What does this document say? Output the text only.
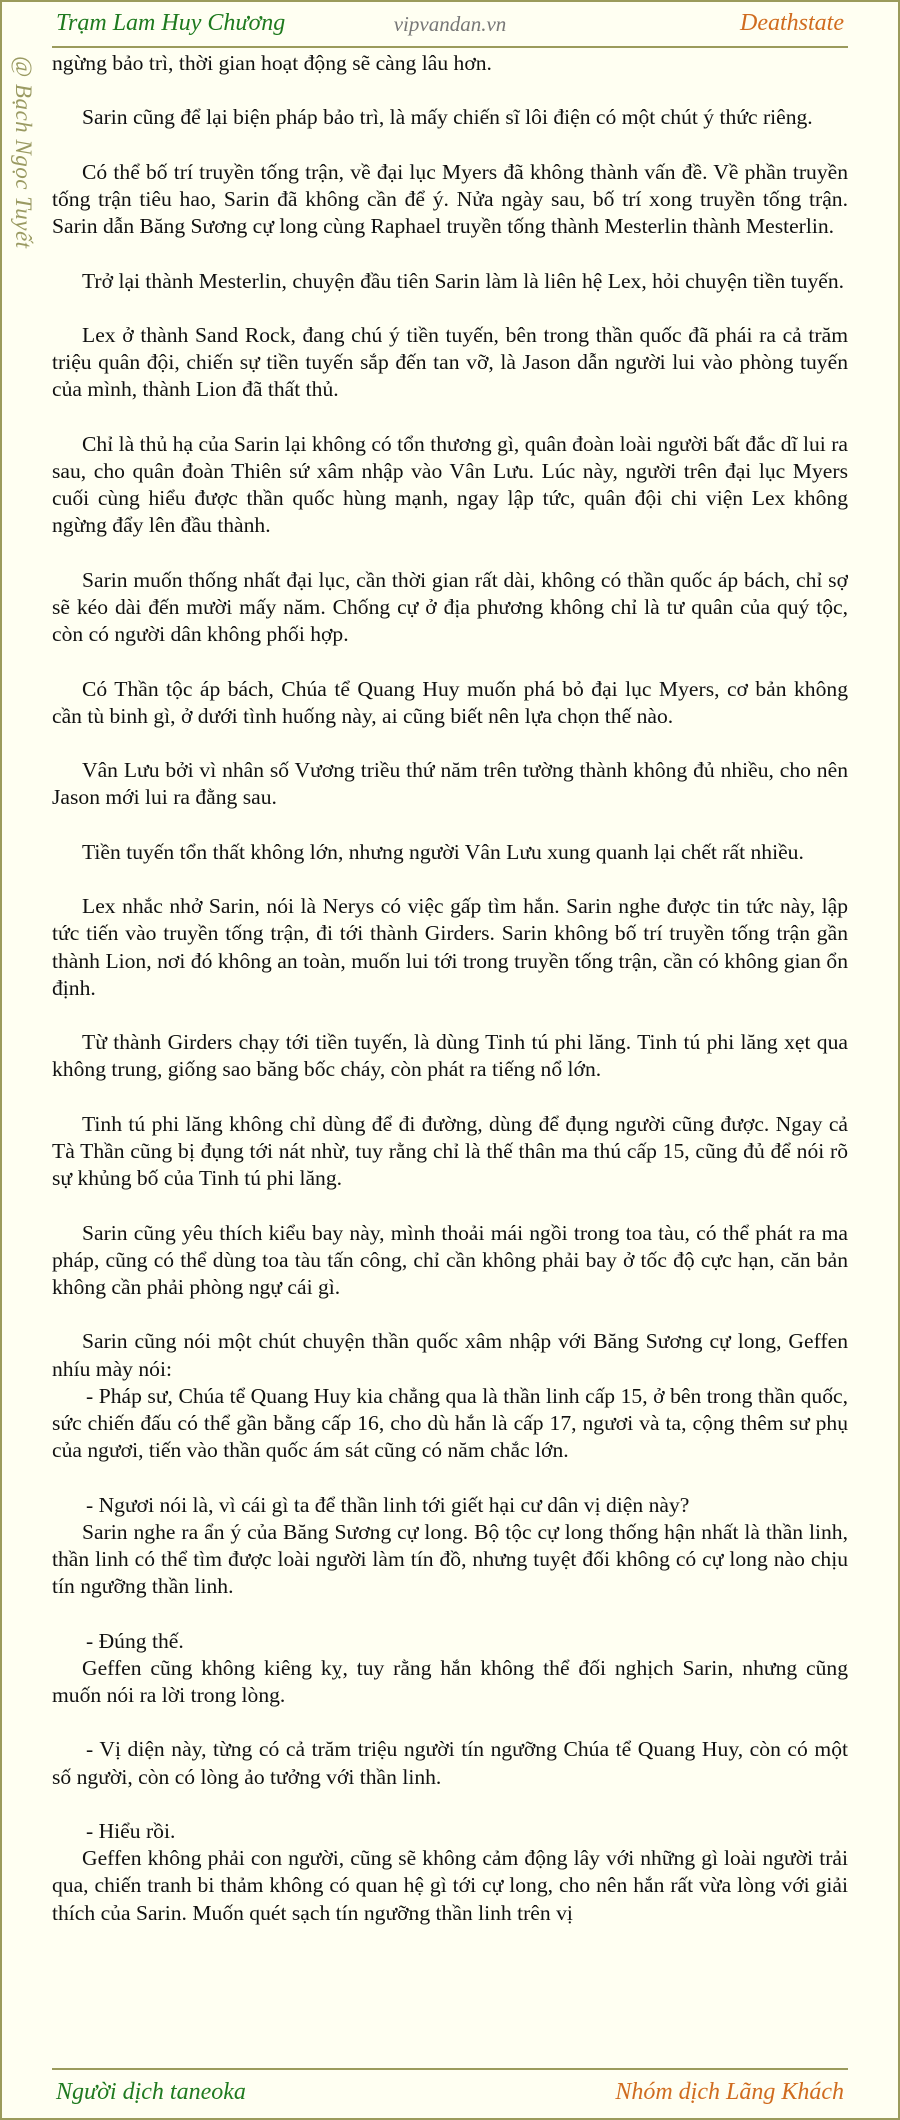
Trạm Lam Huy Chương	vipvandan.vn	Deathstate
@ Bạch Ngọc Tuyết ngừng bảo trì, thời gian hoạt động sẽ càng lâu hơn.

Sarin cũng để lại biện pháp bảo trì, là mấy chiến sĩ lôi điện có một chút ý thức riêng.

Có thể bố trí truyền tống trận, về đại lục Myers đã không thành vấn đề. Về phần truyền tống trận tiêu hao, Sarin đã không cần để ý. Nửa ngày sau, bố trí xong truyền tống trận. Sarin dẫn Băng Sương cự long cùng Raphael truyền tống thành Mesterlin thành Mesterlin.

Trở lại thành Mesterlin, chuyện đầu tiên Sarin làm là liên hệ Lex, hỏi chuyện tiền tuyến.

Lex ở thành Sand Rock, đang chú ý tiền tuyến, bên trong thần quốc đã phái ra cả trăm triệu quân đội, chiến sự tiền tuyến sắp đến tan vỡ, là Jason dẫn người lui vào phòng tuyến của mình, thành Lion đã thất thủ.

Chỉ là thủ hạ của Sarin lại không có tổn thương gì, quân đoàn loài người bất đắc dĩ lui ra sau, cho quân đoàn Thiên sứ xâm nhập vào Vân Lưu. Lúc này, người trên đại lục Myers cuối cùng hiểu được thần quốc hùng mạnh, ngay lập tức, quân đội chi viện Lex không ngừng đẩy lên đầu thành.

Sarin muốn thống nhất đại lục, cần thời gian rất dài, không có thần quốc áp bách, chỉ sợ sẽ kéo dài đến mười mấy năm. Chống cự ở địa phương không chỉ là tư quân của quý tộc, còn có người dân không phối hợp.

Có Thần tộc áp bách, Chúa tể Quang Huy muốn phá bỏ đại lục Myers, cơ bản không cần tù binh gì, ở dưới tình huống này, ai cũng biết nên lựa chọn thế nào.

Vân Lưu bởi vì nhân số Vương triều thứ năm trên tường thành không đủ nhiều, cho nên Jason mới lui ra đằng sau.

Tiền tuyến tổn thất không lớn, nhưng người Vân Lưu xung quanh lại chết rất nhiều.

Lex nhắc nhở Sarin, nói là Nerys có việc gấp tìm hắn. Sarin nghe được tin tức này, lập tức tiến vào truyền tống trận, đi tới thành Girders. Sarin không bố trí truyền tống trận gần thành Lion, nơi đó không an toàn, muốn lui tới trong truyền tống trận, cần có không gian ổn định.

Từ thành Girders chạy tới tiền tuyến, là dùng Tinh tú phi lăng. Tinh tú phi lăng xẹt qua không trung, giống sao băng bốc cháy, còn phát ra tiếng nổ lớn.

Tinh tú phi lăng không chỉ dùng để đi đường, dùng để đụng người cũng được. Ngay cả Tà Thần cũng bị đụng tới nát nhừ, tuy rằng chỉ là thế thân ma thú cấp 15, cũng đủ để nói rõ sự khủng bố của Tinh tú phi lăng.

Sarin cũng yêu thích kiểu bay này, mình thoải mái ngồi trong toa tàu, có thể phát ra ma pháp, cũng có thể dùng toa tàu tấn công, chỉ cần không phải bay ở tốc độ cực hạn, căn bản không cần phải phòng ngự cái gì.

Sarin cũng nói một chút chuyện thần quốc xâm nhập với Băng Sương cự long, Geffen nhíu mày nói:

- Pháp sư, Chúa tể Quang Huy kia chẳng qua là thần linh cấp 15, ở bên trong thần quốc, sức chiến đấu có thể gần bằng cấp 16, cho dù hắn là cấp 17, ngươi và ta, cộng thêm sư phụ của ngươi, tiến vào thần quốc ám sát cũng có năm chắc lớn.

- Ngươi nói là, vì cái gì ta để thần linh tới giết hại cư dân vị diện này?

Sarin nghe ra ẩn ý của Băng Sương cự long. Bộ tộc cự long thống hận nhất là thần linh, thần linh có thể tìm được loài người làm tín đồ, nhưng tuyệt đối không có cự long nào chịu tín ngưỡng thần linh.

- Đúng thế.

Geffen cũng không kiêng kỵ, tuy rằng hắn không thể đối nghịch Sarin, nhưng cũng muốn nói ra lời trong lòng.

- Vị diện này, từng có cả trăm triệu người tín ngưỡng Chúa tể Quang Huy, còn có một số người, còn có lòng ảo tưởng với thần linh.

- Hiểu rồi.

Geffen không phải con người, cũng sẽ không cảm động lây với những gì loài người trải qua, chiến tranh bi thảm không có quan hệ gì tới cự long, cho nên hắn rất vừa lòng với giải thích của Sarin. Muốn quét sạch tín ngưỡng thần linh trên vị

Người dịch taneoka	Nhóm dịch Lãng Khách
